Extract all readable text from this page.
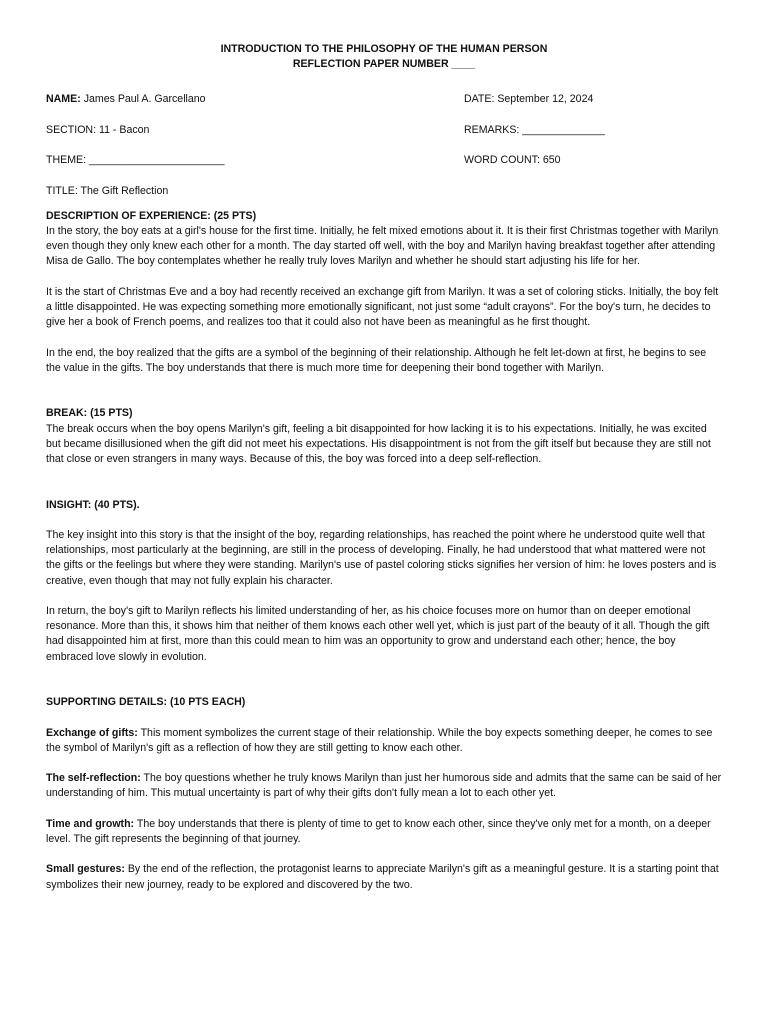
INTRODUCTION TO THE PHILOSOPHY OF THE HUMAN PERSON
REFLECTION PAPER NUMBER ____
NAME: James Paul A. Garcellano	DATE: September 12, 2024
SECTION: 11 - Bacon	REMARKS: ______________
THEME: _______________________	WORD COUNT: 650
TITLE: The Gift Reflection
DESCRIPTION OF EXPERIENCE: (25 PTS)

In the story, the boy eats at a girl's house for the first time. Initially, he felt mixed emotions about it. It is their first Christmas together with Marilyn even though they only knew each other for a month. The day started off well, with the boy and Marilyn having breakfast together after attending Misa de Gallo. The boy contemplates whether he really truly loves Marilyn and whether he should start adjusting his life for her.

It is the start of Christmas Eve and a boy had recently received an exchange gift from Marilyn. It was a set of coloring sticks. Initially, the boy felt a little disappointed. He was expecting something more emotionally significant, not just some “adult crayons”. For the boy's turn, he decides to give her a book of French poems, and realizes too that it could also not have been as meaningful as he first thought.

In the end, the boy realized that the gifts are a symbol of the beginning of their relationship. Although he felt let-down at first, he begins to see the value in the gifts. The boy understands that there is much more time for deepening their bond together with Marilyn.

BREAK: (15 PTS)

The break occurs when the boy opens Marilyn's gift, feeling a bit disappointed for how lacking it is to his expectations. Initially, he was excited but became disillusioned when the gift did not meet his expectations. His disappointment is not from the gift itself but because they are still not that close or even strangers in many ways. Because of this, the boy was forced into a deep self-reflection.

INSIGHT: (40 PTS).

The key insight into this story is that the insight of the boy, regarding relationships, has reached the point where he understood quite well that relationships, most particularly at the beginning, are still in the process of developing. Finally, he had understood that what mattered were not the gifts or the feelings but where they were standing. Marilyn's use of pastel coloring sticks signifies her version of him: he loves posters and is creative, even though that may not fully explain his character.

In return, the boy's gift to Marilyn reflects his limited understanding of her, as his choice focuses more on humor than on deeper emotional resonance. More than this, it shows him that neither of them knows each other well yet, which is just part of the beauty of it all. Though the gift had disappointed him at first, more than this could mean to him was an opportunity to grow and understand each other; hence, the boy embraced love slowly in evolution.

SUPPORTING DETAILS: (10 PTS EACH)

Exchange of gifts: This moment symbolizes the current stage of their relationship. While the boy expects something deeper, he comes to see the symbol of Marilyn's gift as a reflection of how they are still getting to know each other.

The self-reflection: The boy questions whether he truly knows Marilyn than just her humorous side and admits that the same can be said of her understanding of him. This mutual uncertainty is part of why their gifts don't fully mean a lot to each other yet.

Time and growth: The boy understands that there is plenty of time to get to know each other, since they've only met for a month, on a deeper level. The gift represents the beginning of that journey.

Small gestures: By the end of the reflection, the protagonist learns to appreciate Marilyn's gift as a meaningful gesture. It is a starting point that symbolizes their new journey, ready to be explored and discovered by the two.
